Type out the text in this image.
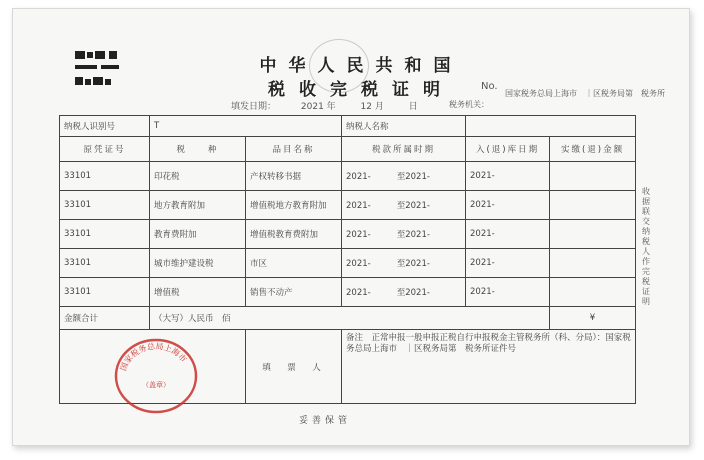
中华人民共和国
税收完税证明	No.
填发日期：	2021 年	12 月	日	税务机关：
国家税务总局上海市　｜区税务局第　税务所
纳税人识别号	T		纳税人名称		
原凭证号	税　　种	品目名称	税款所属时期	入(退)库日期	实缴(退)金额
33101	印花税	产权转移书据	2021- 至2021-	2021-	
33101	地方教育附加	增值税地方教育附加	2021- 至2021-	2021-	
33101	教育费附加	增值税教育费附加	2021- 至2021-	2021-	
33101	城市维护建设税	市区	2021- 至2021-	2021-	
33101	增值税	销售不动产	2021- 至2021-	2021-	
金额合计	（大写）人民币　佰				¥
		填　票　人	备注　正常申报一般申报正税自行申报税金主管税务所（科、分局）：国家税务总局上海市　｜区税务局第　税务所证件号		
国家税务总局上海市
（盖章）
收据联 交纳税人作完税证明
妥善保管
